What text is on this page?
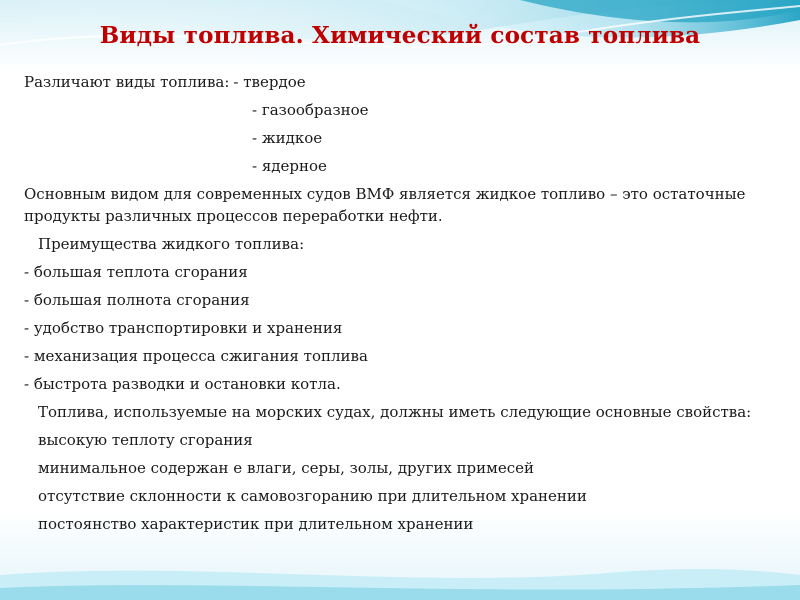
Виды топлива. Химический состав топлива
Различают виды топлива: - твердое
- газообразное
- жидкое
- ядерное

Основным видом для современных судов ВМФ является жидкое топливо – это остаточные продукты различных процессов переработки нефти.

Преимущества жидкого топлива:

- большая теплота сгорания

- большая полнота сгорания

- удобство транспортировки и хранения

- механизация процесса сжигания топлива

- быстрота разводки и остановки котла.

Топлива, используемые на морских судах, должны иметь следующие основные свойства:

высокую теплоту сгорания

минимальное содержан е влаги, серы, золы, других примесей

отсутствие склонности к самовозгоранию при длительном хранении

постоянство характеристик при длительном хранении
